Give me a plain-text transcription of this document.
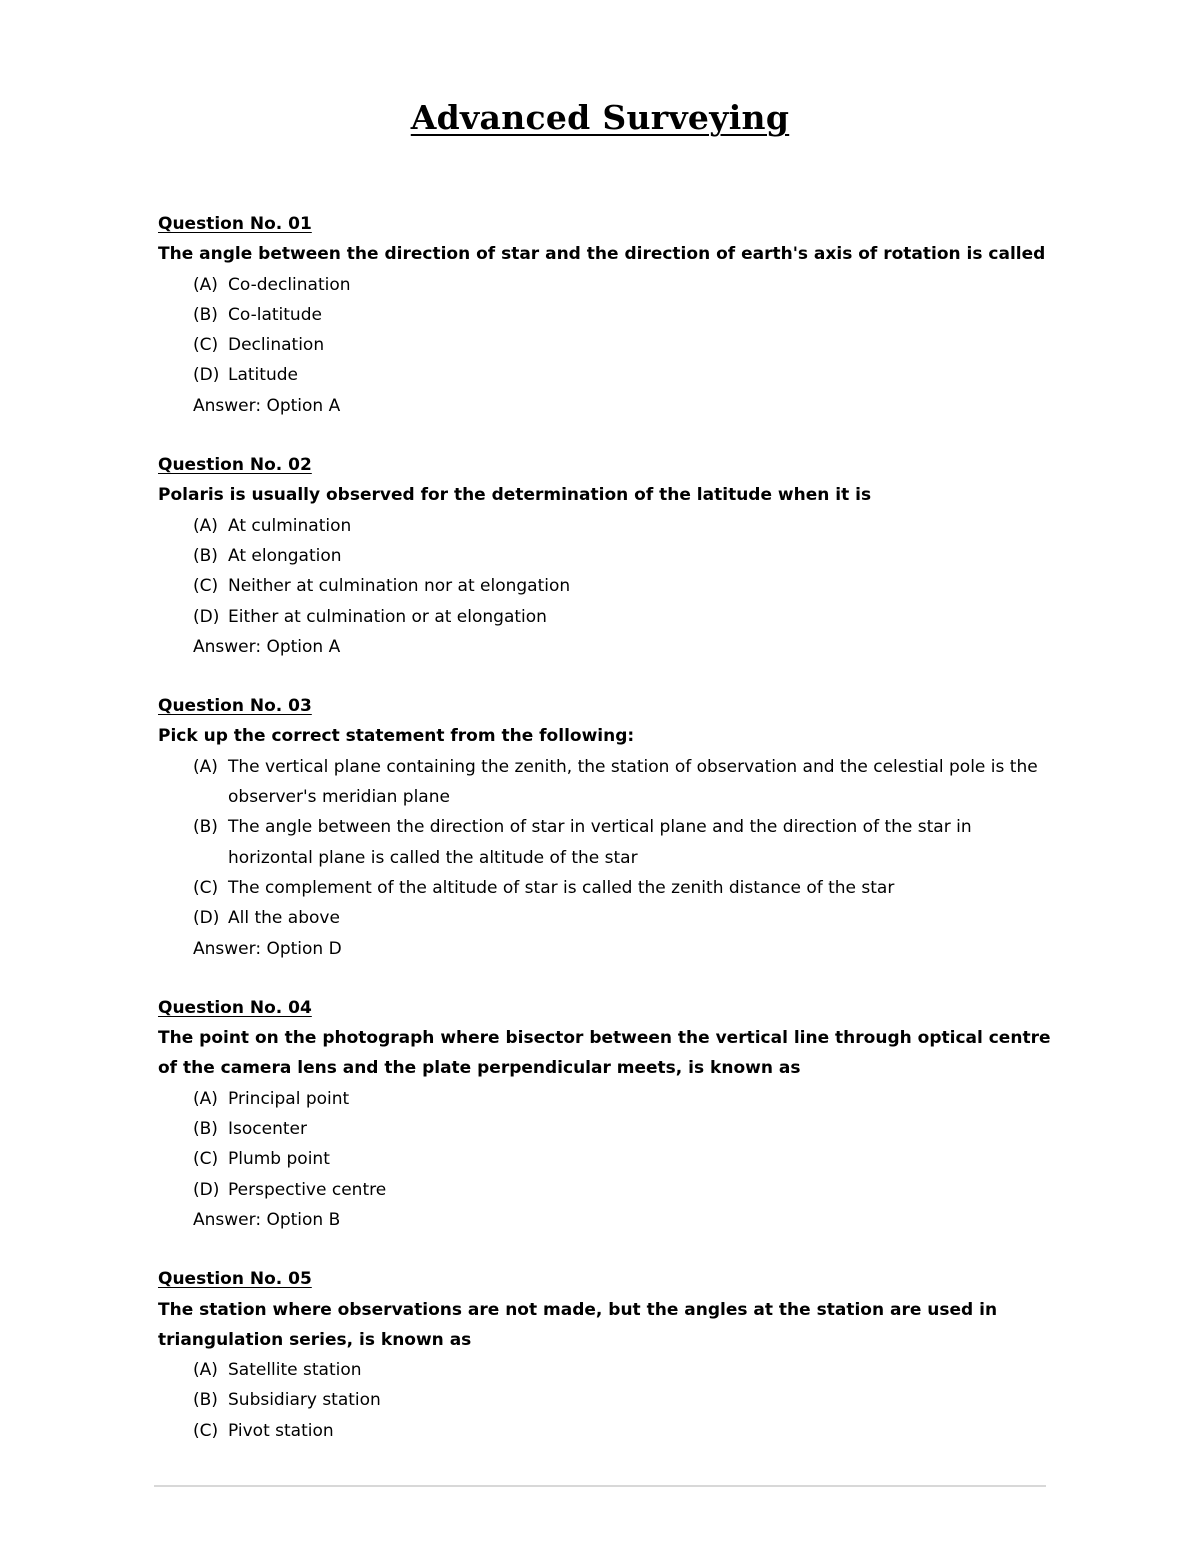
Advanced Surveying
Question No. 01
The angle between the direction of star and the direction of earth's axis of rotation is called
(A) Co-declination
(B) Co-latitude
(C) Declination
(D) Latitude
Answer: Option A
Question No. 02
Polaris is usually observed for the determination of the latitude when it is
(A) At culmination
(B) At elongation
(C) Neither at culmination nor at elongation
(D) Either at culmination or at elongation
Answer: Option A
Question No. 03
Pick up the correct statement from the following:
(A) The vertical plane containing the zenith, the station of observation and the celestial pole is the observer's meridian plane
(B) The angle between the direction of star in vertical plane and the direction of the star in horizontal plane is called the altitude of the star
(C) The complement of the altitude of star is called the zenith distance of the star
(D) All the above
Answer: Option D
Question No. 04
The point on the photograph where bisector between the vertical line through optical centre of the camera lens and the plate perpendicular meets, is known as
(A) Principal point
(B) Isocenter
(C) Plumb point
(D) Perspective centre
Answer: Option B
Question No. 05
The station where observations are not made, but the angles at the station are used in triangulation series, is known as
(A) Satellite station
(B) Subsidiary station
(C) Pivot station
